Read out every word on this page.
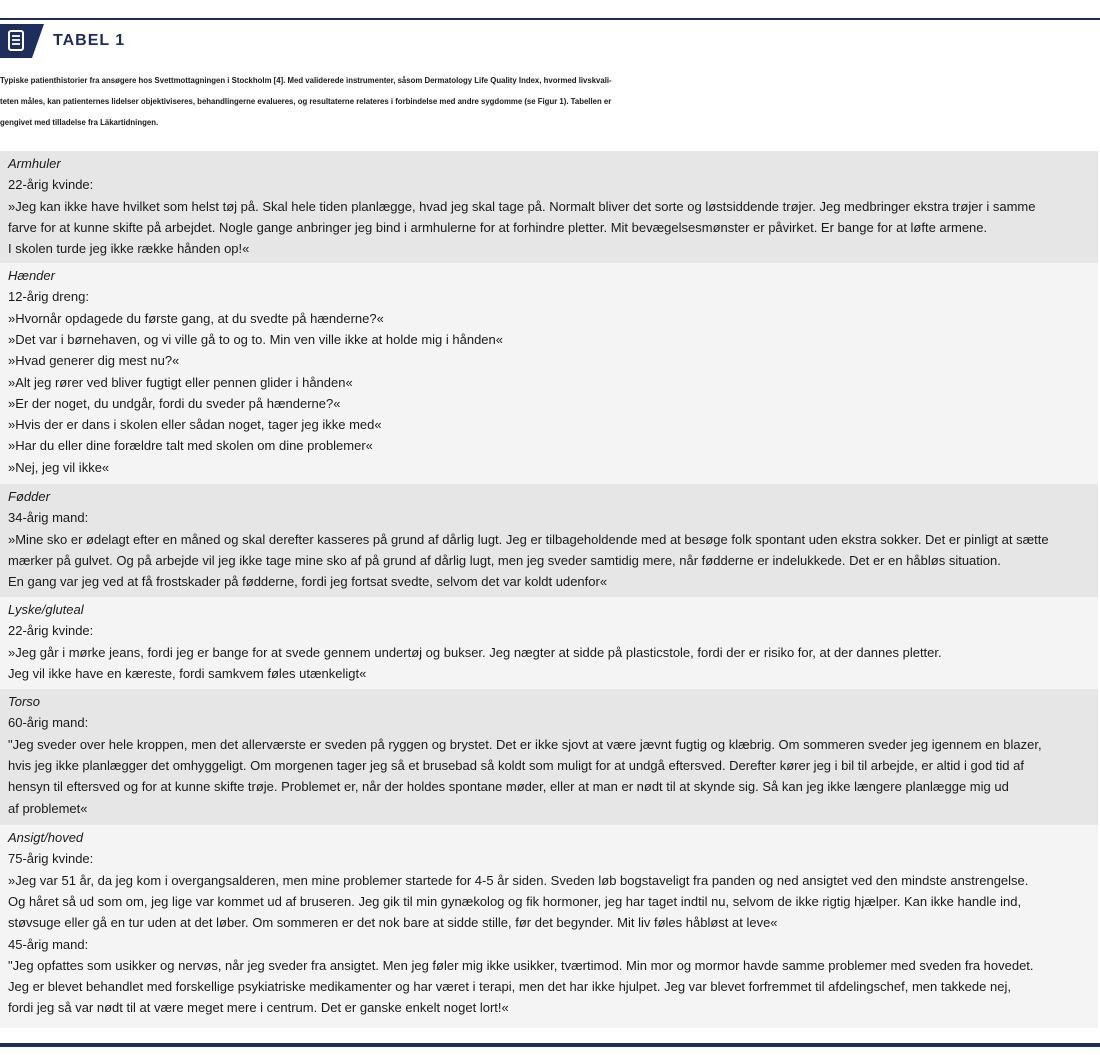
TABEL 1
Typiske patienthistorier fra ansøgere hos Svettmottagningen i Stockholm [4]. Med validerede instrumenter, såsom Dermatology Life Quality Index, hvormed livskvali-
teten måles, kan patienternes lidelser objektiviseres, behandlingerne evalueres, og resultaterne relateres i forbindelse med andre sygdomme (se Figur 1). Tabellen er
gengivet med tilladelse fra Läkartidningen.
Armhuler
22-årig kvinde:
»Jeg kan ikke have hvilket som helst tøj på. Skal hele tiden planlægge, hvad jeg skal tage på. Normalt bliver det sorte og løstsiddende trøjer. Jeg medbringer ekstra trøjer i samme
farve for at kunne skifte på arbejdet. Nogle gange anbringer jeg bind i armhulerne for at forhindre pletter. Mit bevægelsesmønster er påvirket. Er bange for at løfte armene.
I skolen turde jeg ikke række hånden op!«
Hænder
12-årig dreng:
»Hvornår opdagede du første gang, at du svedte på hænderne?«
»Det var i børnehaven, og vi ville gå to og to. Min ven ville ikke at holde mig i hånden«
»Hvad generer dig mest nu?«
»Alt jeg rører ved bliver fugtigt eller pennen glider i hånden«
»Er der noget, du undgår, fordi du sveder på hænderne?«
»Hvis der er dans i skolen eller sådan noget, tager jeg ikke med«
»Har du eller dine forældre talt med skolen om dine problemer«
»Nej, jeg vil ikke«
Fødder
34-årig mand:
»Mine sko er ødelagt efter en måned og skal derefter kasseres på grund af dårlig lugt. Jeg er tilbageholdende med at besøge folk spontant uden ekstra sokker. Det er pinligt at sætte
mærker på gulvet. Og på arbejde vil jeg ikke tage mine sko af på grund af dårlig lugt, men jeg sveder samtidig mere, når fødderne er indelukkede. Det er en håbløs situation.
En gang var jeg ved at få frostskader på fødderne, fordi jeg fortsat svedte, selvom det var koldt udenfor«
Lyske/gluteal
22-årig kvinde:
»Jeg går i mørke jeans, fordi jeg er bange for at svede gennem undertøj og bukser. Jeg nægter at sidde på plasticstole, fordi der er risiko for, at der dannes pletter.
Jeg vil ikke have en kæreste, fordi samkvem føles utænkeligt«
Torso
60-årig mand:
"Jeg sveder over hele kroppen, men det allerværste er sveden på ryggen og brystet. Det er ikke sjovt at være jævnt fugtig og klæbrig. Om sommeren sveder jeg igennem en blazer,
hvis jeg ikke planlægger det omhyggeligt. Om morgenen tager jeg så et brusebad så koldt som muligt for at undgå eftersved. Derefter kører jeg i bil til arbejde, er altid i god tid af
hensyn til eftersved og for at kunne skifte trøje. Problemet er, når der holdes spontane møder, eller at man er nødt til at skynde sig. Så kan jeg ikke længere planlægge mig ud
af problemet«
Ansigt/hoved
75-årig kvinde:
»Jeg var 51 år, da jeg kom i overgangsalderen, men mine problemer startede for 4-5 år siden. Sveden løb bogstaveligt fra panden og ned ansigtet ved den mindste anstrengelse.
Og håret så ud som om, jeg lige var kommet ud af bruseren. Jeg gik til min gynækolog og fik hormoner, jeg har taget indtil nu, selvom de ikke rigtig hjælper. Kan ikke handle ind,
støvsuge eller gå en tur uden at det løber. Om sommeren er det nok bare at sidde stille, før det begynder. Mit liv føles håbløst at leve«
45-årig mand:
"Jeg opfattes som usikker og nervøs, når jeg sveder fra ansigtet. Men jeg føler mig ikke usikker, tværtimod. Min mor og mormor havde samme problemer med sveden fra hovedet.
Jeg er blevet behandlet med forskellige psykiatriske medikamenter og har været i terapi, men det har ikke hjulpet. Jeg var blevet forfremmet til afdelingschef, men takkede nej,
fordi jeg så var nødt til at være meget mere i centrum. Det er ganske enkelt noget lort!«
